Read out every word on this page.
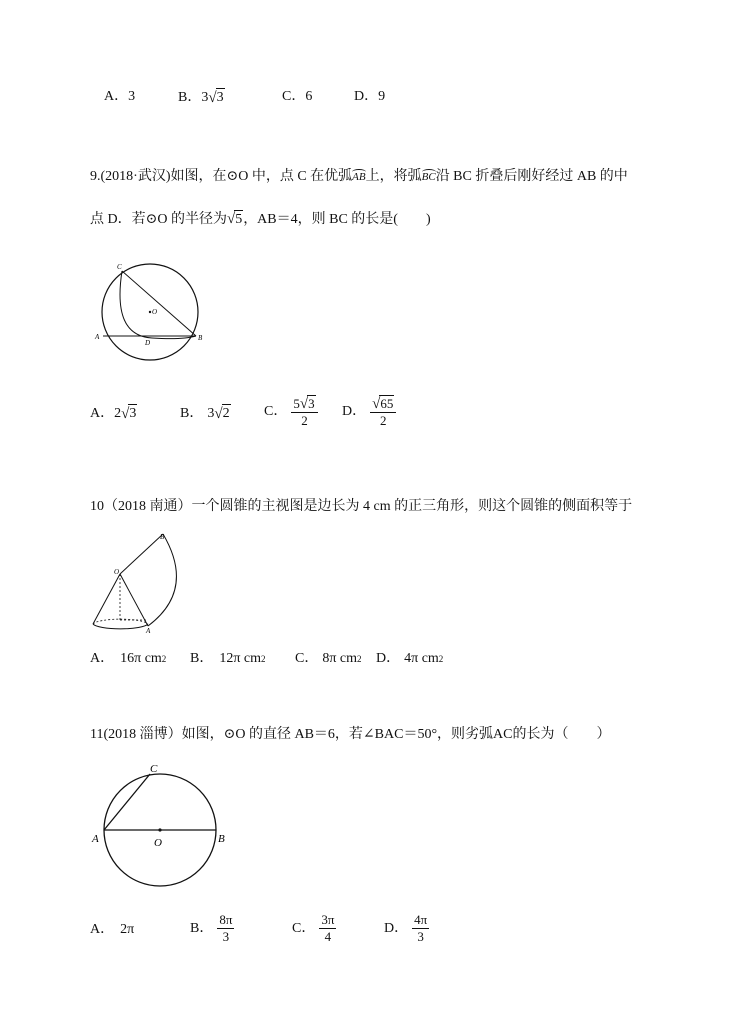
A． 3	B． 3 √ 3	C． 6	D． 9
9.(2018·武汉)如图，在⊙O 中，点 C 在优弧AB上，将弧BC沿 BC 折叠后刚好经过 AB 的中
点 D．若⊙O 的半径为√5，AB＝4，则 BC 的长是(　　)
C
O
A
D
B
A． 2 √ 3	B． 3 √ 2 C． $\frac{5√3}{2}$ D． $\frac{√65}{2}$
10（2018 南通）一个圆锥的主视图是边长为 4 cm 的正三角形，则这个圆锥的侧面积等于
B
O
A
A． 16π cm 2 B． 12π cm 2 C． 8π cm 2 D． 4π cm 2
11(2018 淄博）如图，⊙O 的直径 AB＝6，若∠BAC＝50°，则劣弧AC的长为（　　）
C
A	O	B
A． 2π	B． $\frac{8\pi}{3}$	C． $\frac{3\pi}{4}$	D． $\frac{4\pi}{3}$
